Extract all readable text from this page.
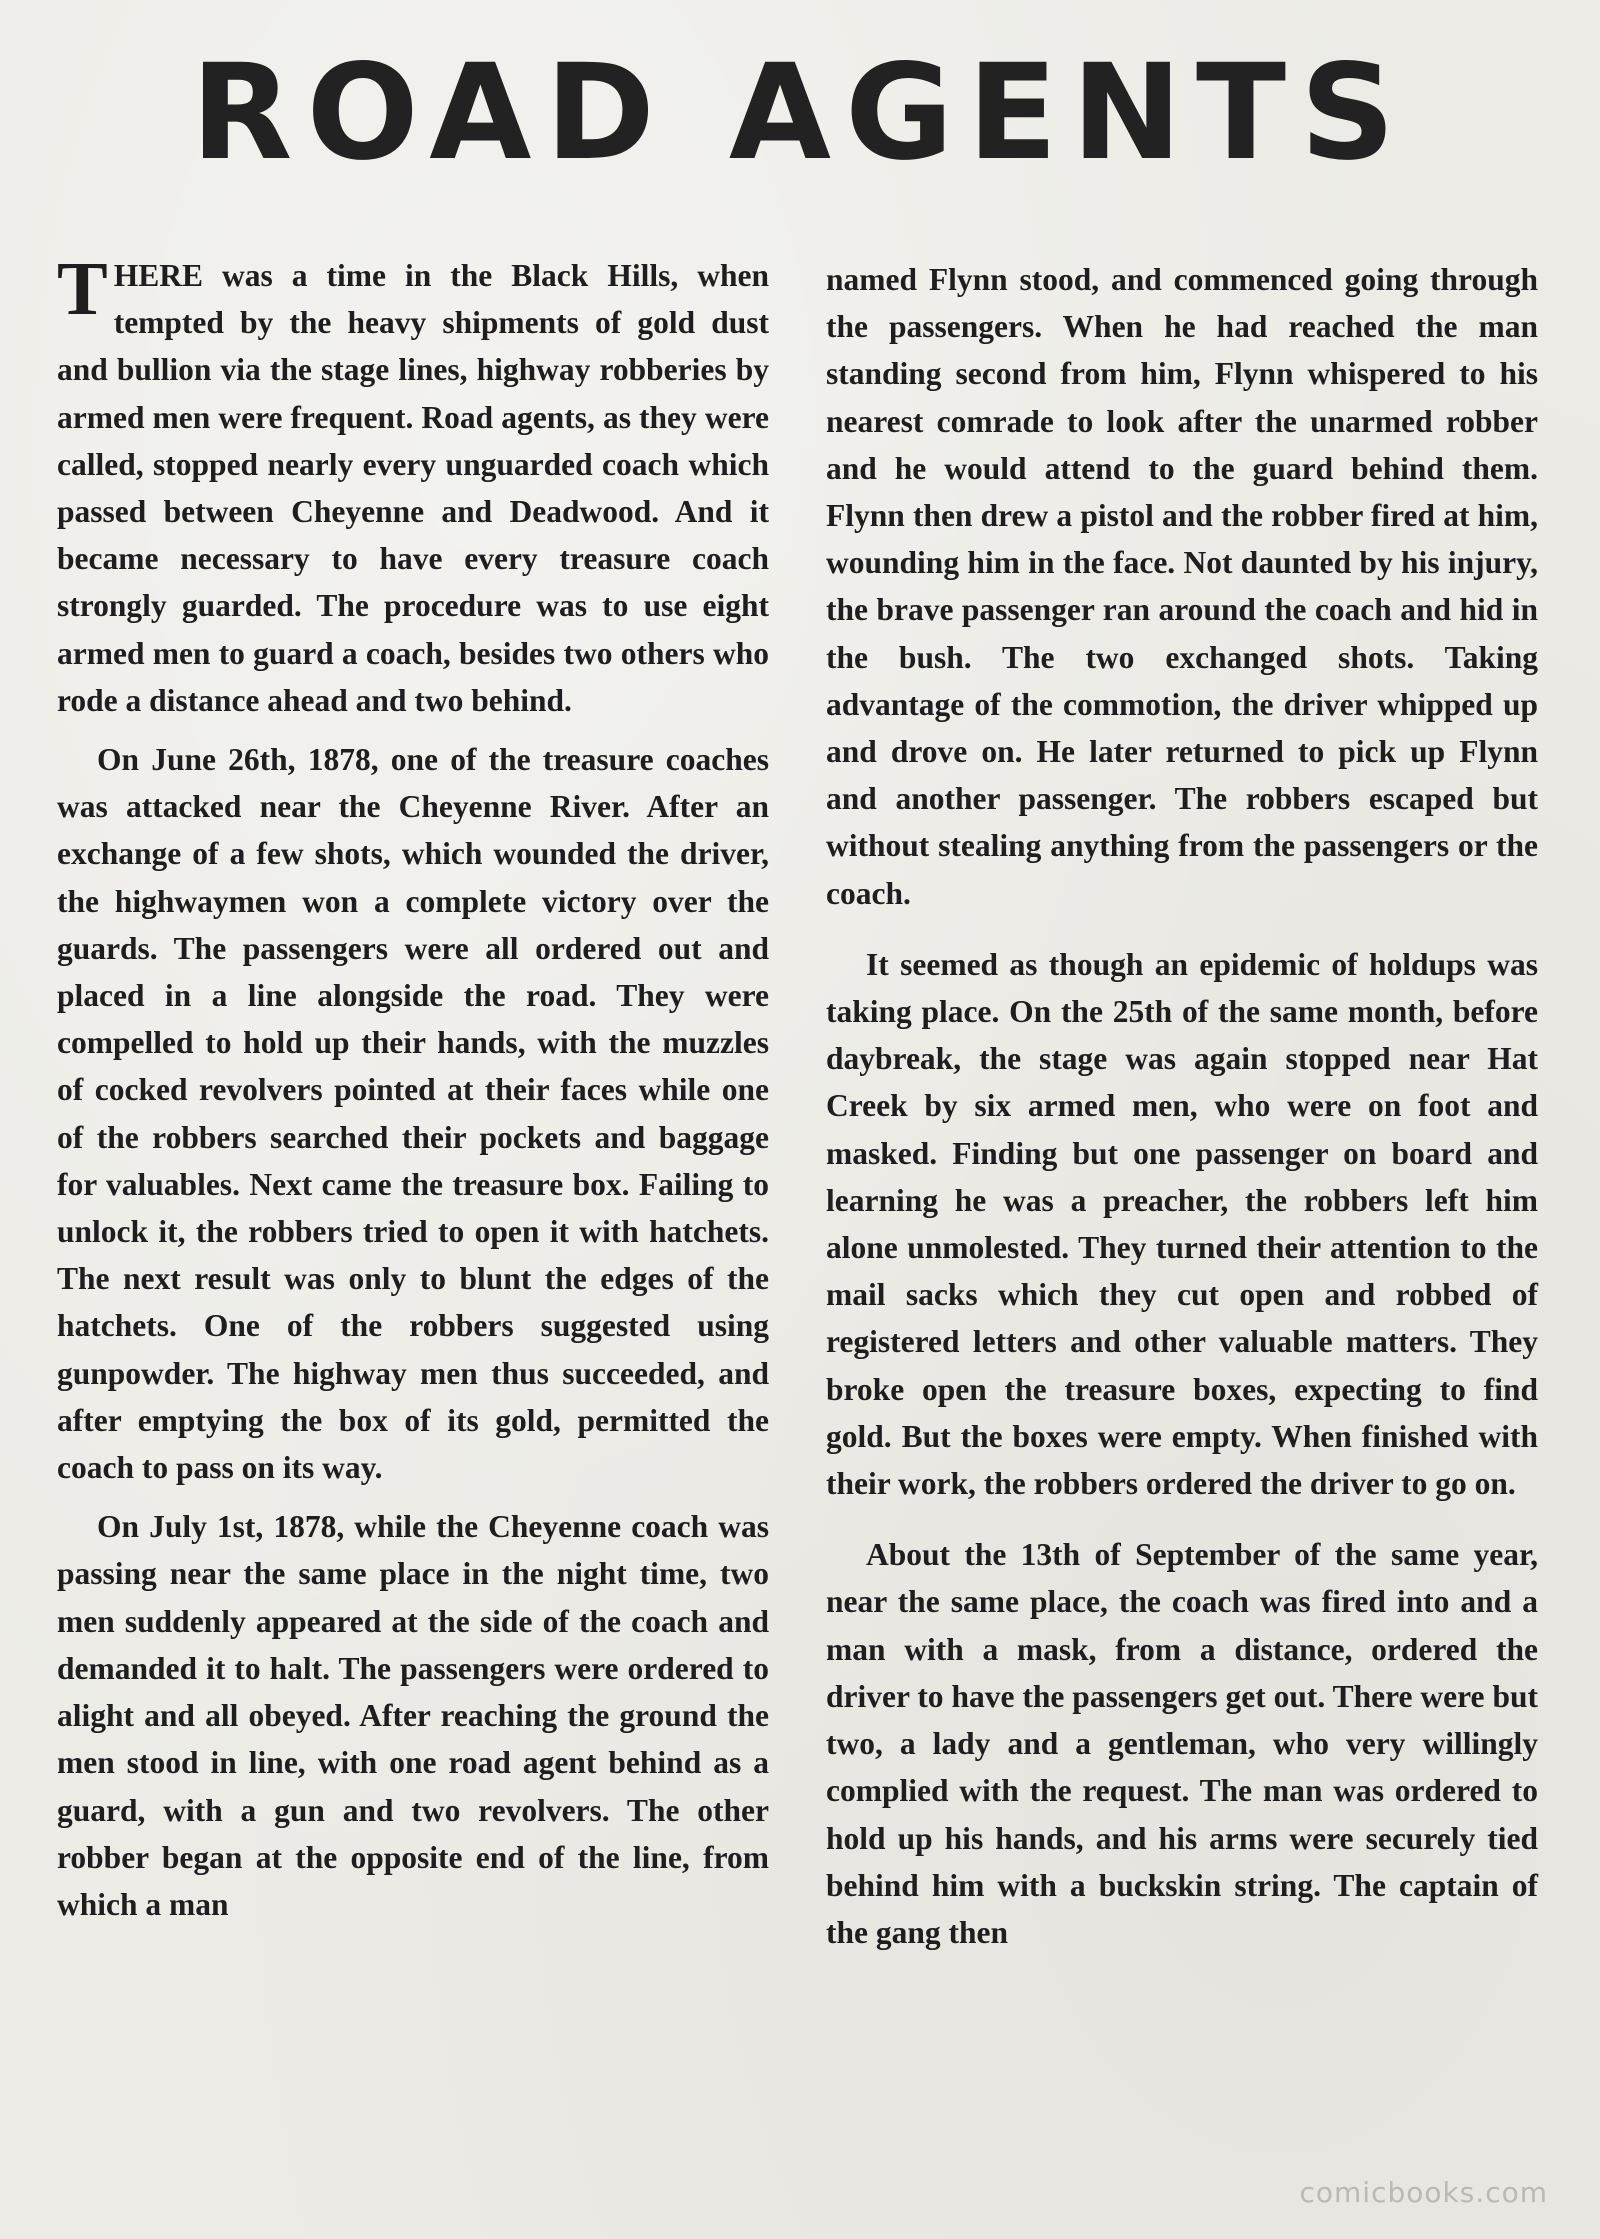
ROAD AGENTS

THERE was a time in the Black Hills, when tempted by the heavy shipments of gold dust and bullion via the stage lines, highway robberies by armed men were frequent. Road agents, as they were called, stopped nearly every unguarded coach which passed between Cheyenne and Deadwood. And it became necessary to have every treasure coach strongly guarded. The procedure was to use eight armed men to guard a coach, besides two others who rode a distance ahead and two behind.

On June 26th, 1878, one of the treasure coaches was attacked near the Cheyenne River. After an exchange of a few shots, which wounded the driver, the highwaymen won a complete victory over the guards. The passengers were all ordered out and placed in a line alongside the road. They were compelled to hold up their hands, with the muzzles of cocked revolvers pointed at their faces while one of the robbers searched their pockets and baggage for valuables. Next came the treasure box. Failing to unlock it, the robbers tried to open it with hatchets. The next result was only to blunt the edges of the hatchets. One of the robbers suggested using gunpowder. The highway men thus succeeded, and after emptying the box of its gold, permitted the coach to pass on its way.

On July 1st, 1878, while the Cheyenne coach was passing near the same place in the night time, two men suddenly appeared at the side of the coach and demanded it to halt. The passengers were ordered to alight and all obeyed. After reaching the ground the men stood in line, with one road agent behind as a guard, with a gun and two revolvers. The other robber began at the opposite end of the line, from which a man

named Flynn stood, and commenced going through the passengers. When he had reached the man standing second from him, Flynn whispered to his nearest comrade to look after the unarmed robber and he would attend to the guard behind them. Flynn then drew a pistol and the robber fired at him, wounding him in the face. Not daunted by his injury, the brave passenger ran around the coach and hid in the bush. The two exchanged shots. Taking advantage of the commotion, the driver whipped up and drove on. He later returned to pick up Flynn and another passenger. The robbers escaped but without stealing anything from the passengers or the coach.

It seemed as though an epidemic of holdups was taking place. On the 25th of the same month, before daybreak, the stage was again stopped near Hat Creek by six armed men, who were on foot and masked. Finding but one passenger on board and learning he was a preacher, the robbers left him alone unmolested. They turned their attention to the mail sacks which they cut open and robbed of registered letters and other valuable matters. They broke open the treasure boxes, expecting to find gold. But the boxes were empty. When finished with their work, the robbers ordered the driver to go on.

About the 13th of September of the same year, near the same place, the coach was fired into and a man with a mask, from a distance, ordered the driver to have the passengers get out. There were but two, a lady and a gentleman, who very willingly complied with the request. The man was ordered to hold up his hands, and his arms were securely tied behind him with a buckskin string. The captain of the gang then

comicbooks.com
